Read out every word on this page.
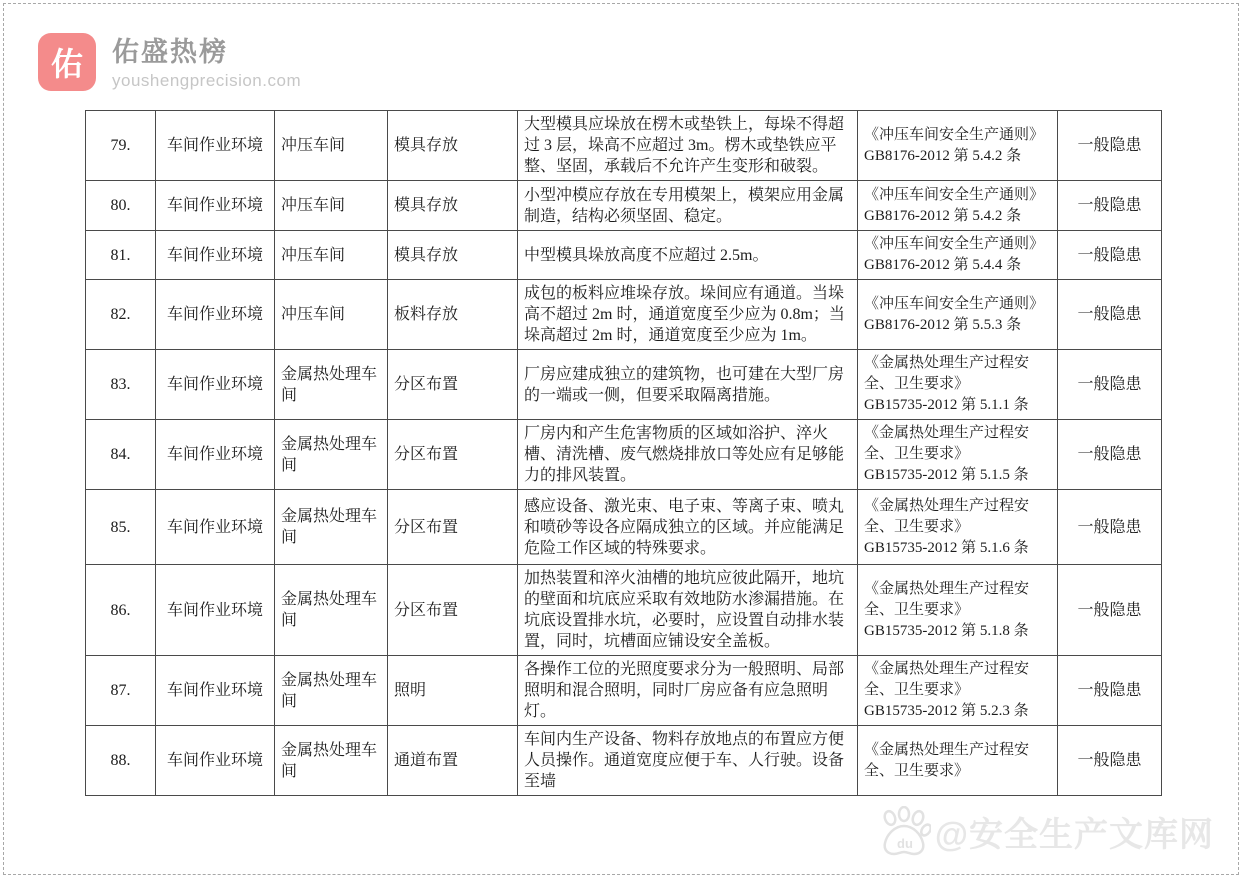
佑	佑盛热榜
youshengprecision.com
79.	车间作业环境	冲压车间	模具存放	大型模具应垛放在楞木或垫铁上，每垛不得超过 3 层，垛高不应超过 3m。楞木或垫铁应平整、坚固，承载后不允许产生变形和破裂。	《冲压车间安全生产通则》
GB8176-2012 第 5.4.2 条	一般隐患
80.	车间作业环境	冲压车间	模具存放	小型冲模应存放在专用模架上，模架应用金属制造，结构必须坚固、稳定。	《冲压车间安全生产通则》
GB8176-2012 第 5.4.2 条	一般隐患
81.	车间作业环境	冲压车间	模具存放	中型模具垛放高度不应超过 2.5m。	《冲压车间安全生产通则》
GB8176-2012 第 5.4.4 条	一般隐患
82.	车间作业环境	冲压车间	板料存放	成包的板料应堆垛存放。垛间应有通道。当垛高不超过 2m 时，通道宽度至少应为 0.8m；当垛高超过 2m 时，通道宽度至少应为 1m。	《冲压车间安全生产通则》
GB8176-2012 第 5.5.3 条	一般隐患
83.	车间作业环境	金属热处理车间	分区布置	厂房应建成独立的建筑物，也可建在大型厂房的一端或一侧，但要采取隔离措施。	《金属热处理生产过程安全、卫生要求》
GB15735-2012 第 5.1.1 条	一般隐患
84.	车间作业环境	金属热处理车间	分区布置	厂房内和产生危害物质的区域如浴护、淬火槽、清洗槽、废气燃烧排放口等处应有足够能力的排风装置。	《金属热处理生产过程安全、卫生要求》
GB15735-2012 第 5.1.5 条	一般隐患
85.	车间作业环境	金属热处理车间	分区布置	感应设备、激光束、电子束、等离子束、喷丸和喷砂等设各应隔成独立的区域。并应能满足危险工作区域的特殊要求。	《金属热处理生产过程安全、卫生要求》
GB15735-2012 第 5.1.6 条	一般隐患
86.	车间作业环境	金属热处理车间	分区布置	加热装置和淬火油槽的地坑应彼此隔开，地坑的壁面和坑底应采取有效地防水渗漏措施。在坑底设置排水坑，必要时，应设置自动排水装置，同时，坑槽面应铺设安全盖板。	《金属热处理生产过程安全、卫生要求》
GB15735-2012 第 5.1.8 条	一般隐患
87.	车间作业环境	金属热处理车间	照明	各操作工位的光照度要求分为一般照明、局部照明和混合照明，同时厂房应备有应急照明灯。	《金属热处理生产过程安全、卫生要求》
GB15735-2012 第 5.2.3 条	一般隐患
88.	车间作业环境	金属热处理车间	通道布置	车间内生产设备、物料存放地点的布置应方便人员操作。通道宽度应便于车、人行驶。设备至墙	《金属热处理生产过程安全、卫生要求》	一般隐患
du @安全生产文库网
